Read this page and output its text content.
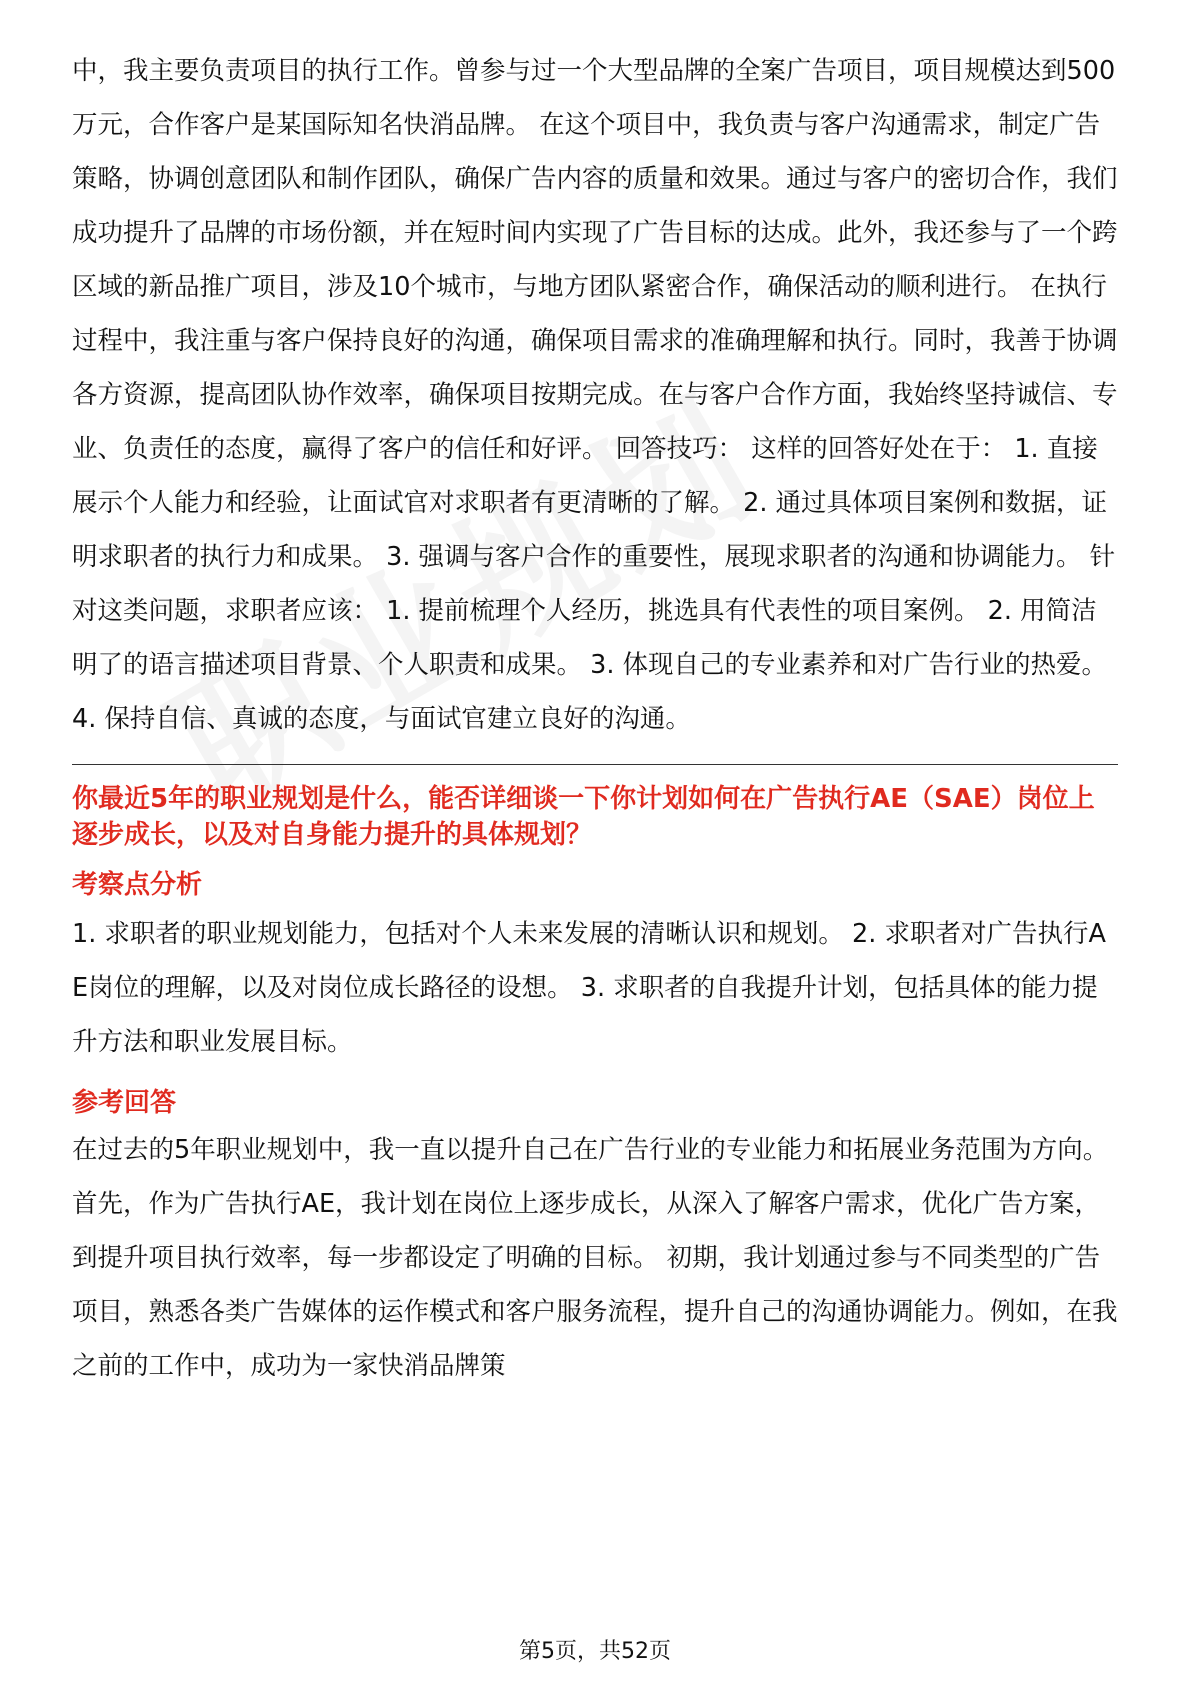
中，我主要负责项目的执行工作。曾参与过一个大型品牌的全案广告项目，项目规模达到500万元，合作客户是某国际知名快消品牌。 在这个项目中，我负责与客户沟通需求，制定广告策略，协调创意团队和制作团队，确保广告内容的质量和效果。通过与客户的密切合作，我们成功提升了品牌的市场份额，并在短时间内实现了广告目标的达成。此外，我还参与了一个跨区域的新品推广项目，涉及10个城市，与地方团队紧密合作，确保活动的顺利进行。 在执行过程中，我注重与客户保持良好的沟通，确保项目需求的准确理解和执行。同时，我善于协调各方资源，提高团队协作效率，确保项目按期完成。在与客户合作方面，我始终坚持诚信、专业、负责任的态度，赢得了客户的信任和好评。 回答技巧： 这样的回答好处在于： 1. 直接展示个人能力和经验，让面试官对求职者有更清晰的了解。 2. 通过具体项目案例和数据，证明求职者的执行力和成果。 3. 强调与客户合作的重要性，展现求职者的沟通和协调能力。 针对这类问题，求职者应该： 1. 提前梳理个人经历，挑选具有代表性的项目案例。 2. 用简洁明了的语言描述项目背景、个人职责和成果。 3. 体现自己的专业素养和对广告行业的热爱。 4. 保持自信、真诚的态度，与面试官建立良好的沟通。

你最近5年的职业规划是什么，能否详细谈一下你计划如何在广告执行AE（SAE）岗位上逐步成长，以及对自身能力提升的具体规划？

考察点分析

1. 求职者的职业规划能力，包括对个人未来发展的清晰认识和规划。 2. 求职者对广告执行AE岗位的理解，以及对岗位成长路径的设想。 3. 求职者的自我提升计划，包括具体的能力提升方法和职业发展目标。

参考回答

在过去的5年职业规划中，我一直以提升自己在广告行业的专业能力和拓展业务范围为方向。首先，作为广告执行AE，我计划在岗位上逐步成长，从深入了解客户需求，优化广告方案，到提升项目执行效率，每一步都设定了明确的目标。 初期，我计划通过参与不同类型的广告项目，熟悉各类广告媒体的运作模式和客户服务流程，提升自己的沟通协调能力。例如，在我之前的工作中，成功为一家快消品牌策

第5页，共52页
